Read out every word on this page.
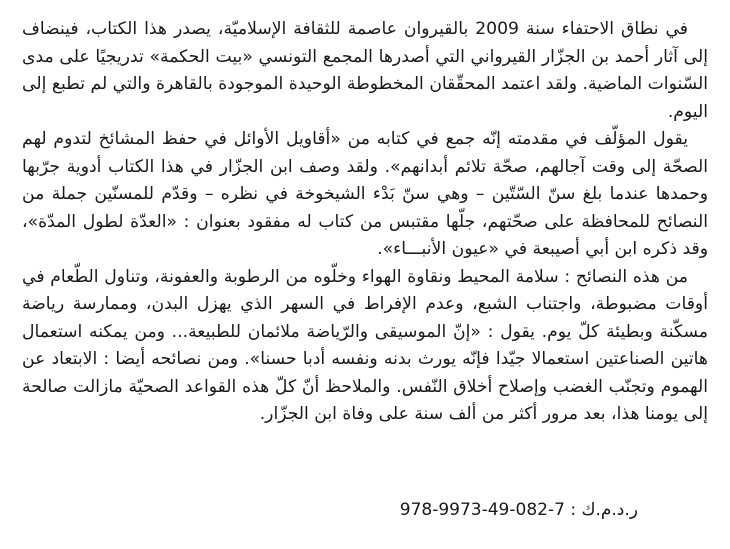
في نطاق الاحتفاء سنة 2009 بالقيروان عاصمة للثقافة الإسلاميّة، يصدر هذا الكتاب، فينضاف إلى آثار أحمد بن الجزّار القيرواني التي أصدرها المجمع التونسي «بيت الحكمة» تدريجيًا على مدى السّنوات الماضية. ولقد اعتمد المحقّقان المخطوطة الوحيدة الموجودة بالقاهرة والتي لم تطبع إلى اليوم.

يقول المؤلّف في مقدمته إنّه جمع في كتابه من «أقاويل الأوائل في حفظ المشائخ لتدوم لهم الصحّة إلى وقت آجالهم، صحّة تلائم أبدانهم». ولقد وصف ابن الجزّار في هذا الكتاب أدوية جرّبها وحمدها عندما بلغ سنّ السّتّين – وهي سنّ بَدْء الشيخوخة في نظره – وقدّم للمسنّين جملة من النصائح للمحافظة على صحّتهم، جلّها مقتبس من كتاب له مفقود بعنوان : «العدّة لطول المدّة»، وقد ذكره ابن أبي أصيبعة في «عيون الأنبـــاء».

من هذه النصائح : سلامة المحيط ونقاوة الهواء وخلّوه من الرطوبة والعفونة، وتناول الطّعام في أوقات مضبوطة، واجتناب الشبع، وعدم الإفراط في السهر الذي يهزل البدن، وممارسة رياضة مسكّنة وبطيئة كلّ يوم. يقول : «إنّ الموسيقى والرّياضة ملائمان للطبيعة... ومن يمكنه استعمال هاتين الصناعتين استعمالا جيّدا فإنّه يورث بدنه ونفسه أدبا حسنا». ومن نصائحه أيضا : الابتعاد عن الهموم وتجنّب الغضب وإصلاح أخلاق النّفس. والملاحظ أنّ كلّ هذه القواعد الصحيّة مازالت صالحة إلى يومنا هذا، بعد مرور أكثر من ألف سنة على وفاة ابن الجزّار.

ر.د.م.ك : 978-9973-49-082-7
